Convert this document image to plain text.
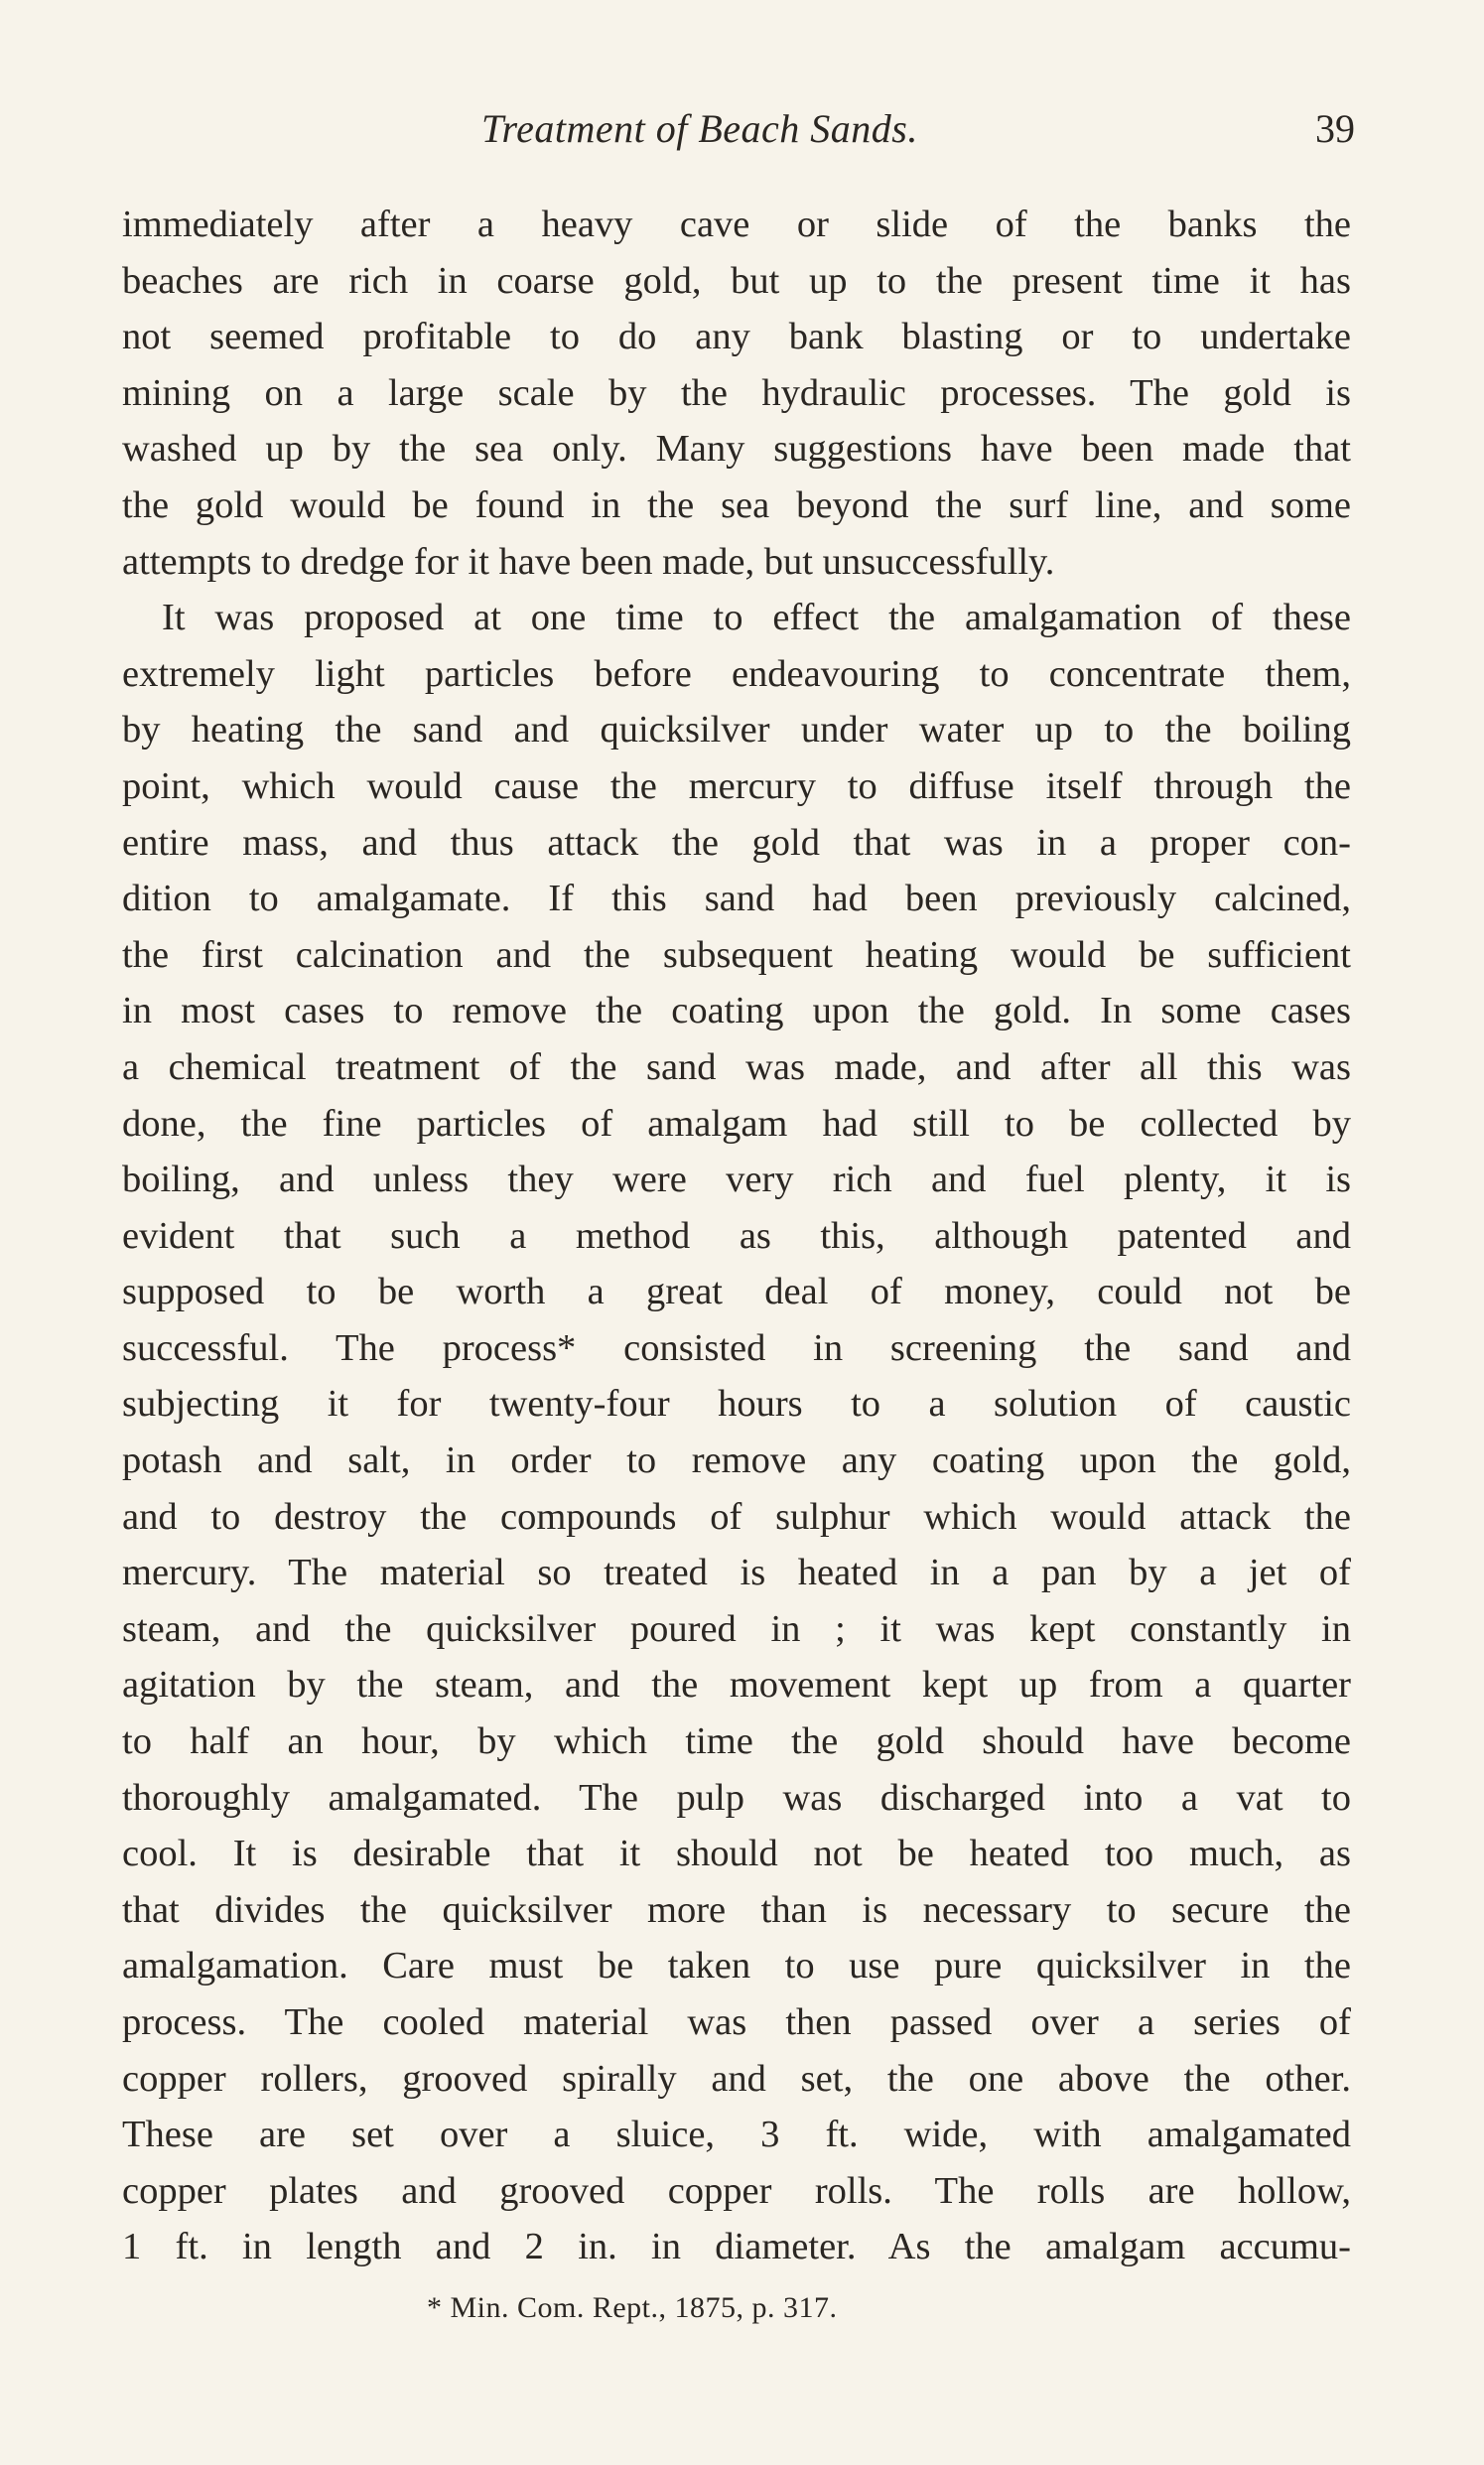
Treatment of Beach Sands.	39
immediately after a heavy cave or slide of the banks the
beaches are rich in coarse gold, but up to the present time it has
not seemed profitable to do any bank blasting or to undertake
mining on a large scale by the hydraulic processes. The gold is
washed up by the sea only. Many suggestions have been made that
the gold would be found in the sea beyond the surf line, and some
attempts to dredge for it have been made, but unsuccessfully.
It was proposed at one time to effect the amalgamation of these
extremely light particles before endeavouring to concentrate them,
by heating the sand and quicksilver under water up to the boiling
point, which would cause the mercury to diffuse itself through the
entire mass, and thus attack the gold that was in a proper con-
dition to amalgamate. If this sand had been previously calcined,
the first calcination and the subsequent heating would be sufficient
in most cases to remove the coating upon the gold. In some cases
a chemical treatment of the sand was made, and after all this was
done, the fine particles of amalgam had still to be collected by
boiling, and unless they were very rich and fuel plenty, it is
evident that such a method as this, although patented and
supposed to be worth a great deal of money, could not be
successful. The process* consisted in screening the sand and
subjecting it for twenty-four hours to a solution of caustic
potash and salt, in order to remove any coating upon the gold,
and to destroy the compounds of sulphur which would attack the
mercury. The material so treated is heated in a pan by a jet of
steam, and the quicksilver poured in ; it was kept constantly in
agitation by the steam, and the movement kept up from a quarter
to half an hour, by which time the gold should have become
thoroughly amalgamated. The pulp was discharged into a vat to
cool. It is desirable that it should not be heated too much, as
that divides the quicksilver more than is necessary to secure the
amalgamation. Care must be taken to use pure quicksilver in the
process. The cooled material was then passed over a series of
copper rollers, grooved spirally and set, the one above the other.
These are set over a sluice, 3 ft. wide, with amalgamated
copper plates and grooved copper rolls. The rolls are hollow,
1 ft. in length and 2 in. in diameter. As the amalgam accumu-
* Min. Com. Rept., 1875, p. 317.
